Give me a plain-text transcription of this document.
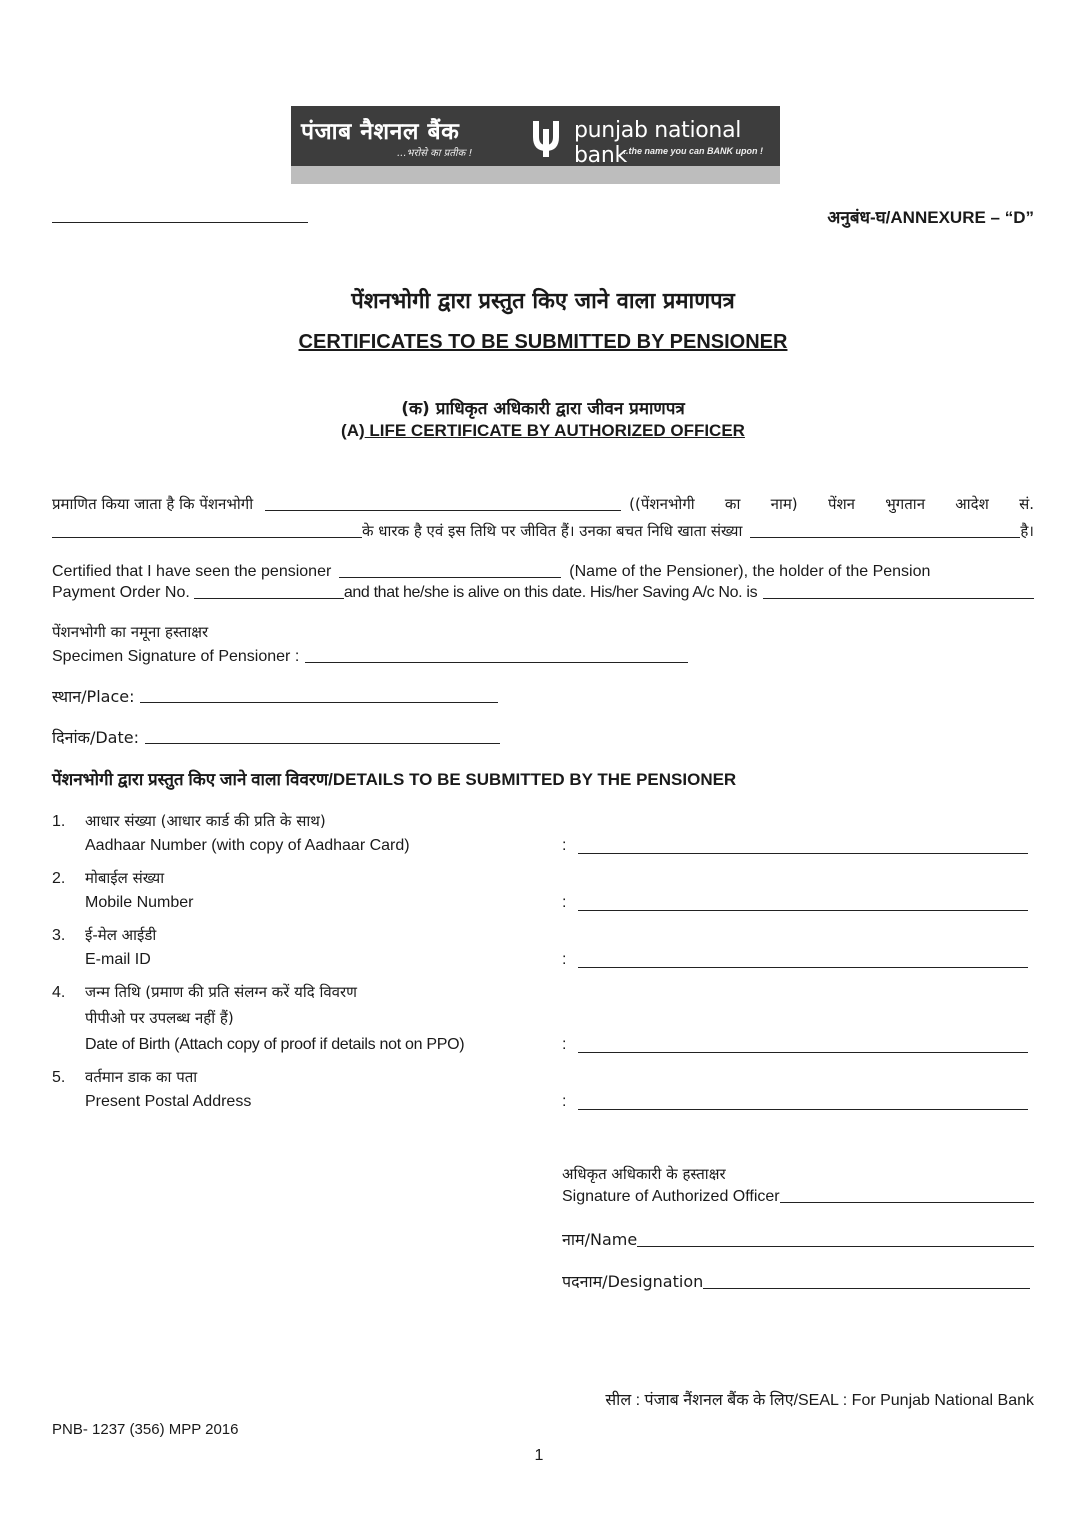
पंजाब नैशनल बैंक
...भरोसे का प्रतीक !
punjab national bank
...the name you can BANK upon !
अनुबंध-घ/ANNEXURE – “D”
पेंशनभोगी द्वारा प्रस्तुत किए जाने वाला प्रमाणपत्र
CERTIFICATES TO BE SUBMITTED BY PENSIONER
(क) प्राधिकृत अधिकारी द्वारा जीवन प्रमाणपत्र
(A) LIFE CERTIFICATE BY AUTHORIZED OFFICER
प्रमाणित किया जाता है कि पेंशनभोगी	((पेंशनभोगी का नाम) पेंशन भुगतान आदेश सं.
के धारक है एवं इस तिथि पर जीवित हैं। उनका बचत निधि खाता संख्या	है।
Certified that I have seen the pensioner	(Name of the Pensioner), the holder of the Pension
Payment Order No.	and that he/she is alive on this date. His/her Saving A/c No. is
पेंशनभोगी का नमूना हस्ताक्षर
Specimen Signature of Pensioner :
स्थान/Place:
दिनांक/Date:
पेंशनभोगी द्वारा प्रस्तुत किए जाने वाला विवरण/DETAILS TO BE SUBMITTED BY THE PENSIONER
1. आधार संख्या (आधार कार्ड की प्रति के साथ)
Aadhaar Number (with copy of Aadhaar Card)	:
2. मोबाईल संख्या
Mobile Number	:
3. ई-मेल आईडी
E-mail ID	:
4. जन्म तिथि (प्रमाण की प्रति संलग्न करें यदि विवरण
पीपीओ पर उपलब्ध नहीं हैं)
Date of Birth (Attach copy of proof if details not on PPO)	:
5. वर्तमान डाक का पता
Present Postal Address	:
अधिकृत अधिकारी के हस्ताक्षर
Signature of Authorized Officer
नाम/Name
पदनाम/Designation
सील : पंजाब नैंशनल बैंक के लिए/SEAL : For Punjab National Bank
PNB- 1237 (356) MPP 2016
1
